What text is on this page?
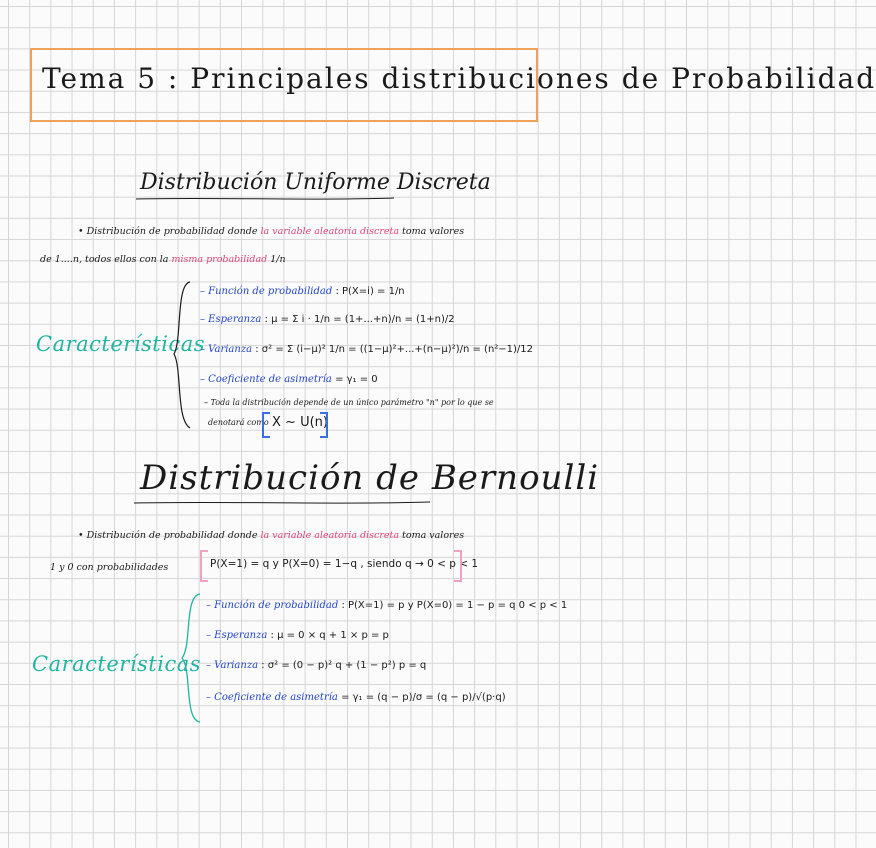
Tema 5 : Principales distribuciones de Probabilidad
Distribución Uniforme Discreta
• Distribución de probabilidad donde la variable aleatoria discreta toma valores
de 1....n, todos ellos con la misma probabilidad 1/n
Características
– Función de probabilidad : P(X=i) = 1/n
– Esperanza : μ = Σ i · 1/n = (1+...+n)/n = (1+n)/2
– Varianza : σ² = Σ (i−μ)² 1/n = ((1−μ)²+...+(n−μ)²)/n = (n²−1)/12
– Coeficiente de asimetría = γ₁ = 0
– Toda la distribución depende de un único parámetro "n" por lo que se
denotará como X ~ U(n)
Distribución de Bernoulli
• Distribución de probabilidad donde la variable aleatoria discreta toma valores
1 y 0 con probabilidades	P(X=1) = q y P(X=0) = 1−q , siendo q → 0 < p < 1
Características
– Función de probabilidad : P(X=1) = p y P(X=0) = 1 − p = q 0 < p < 1
– Esperanza : μ = 0 × q + 1 × p = p
– Varianza : σ² = (0 − p)² q + (1 − p²) p = q
– Coeficiente de asimetría = γ₁ = (q − p)/σ = (q − p)/√(p·q)
